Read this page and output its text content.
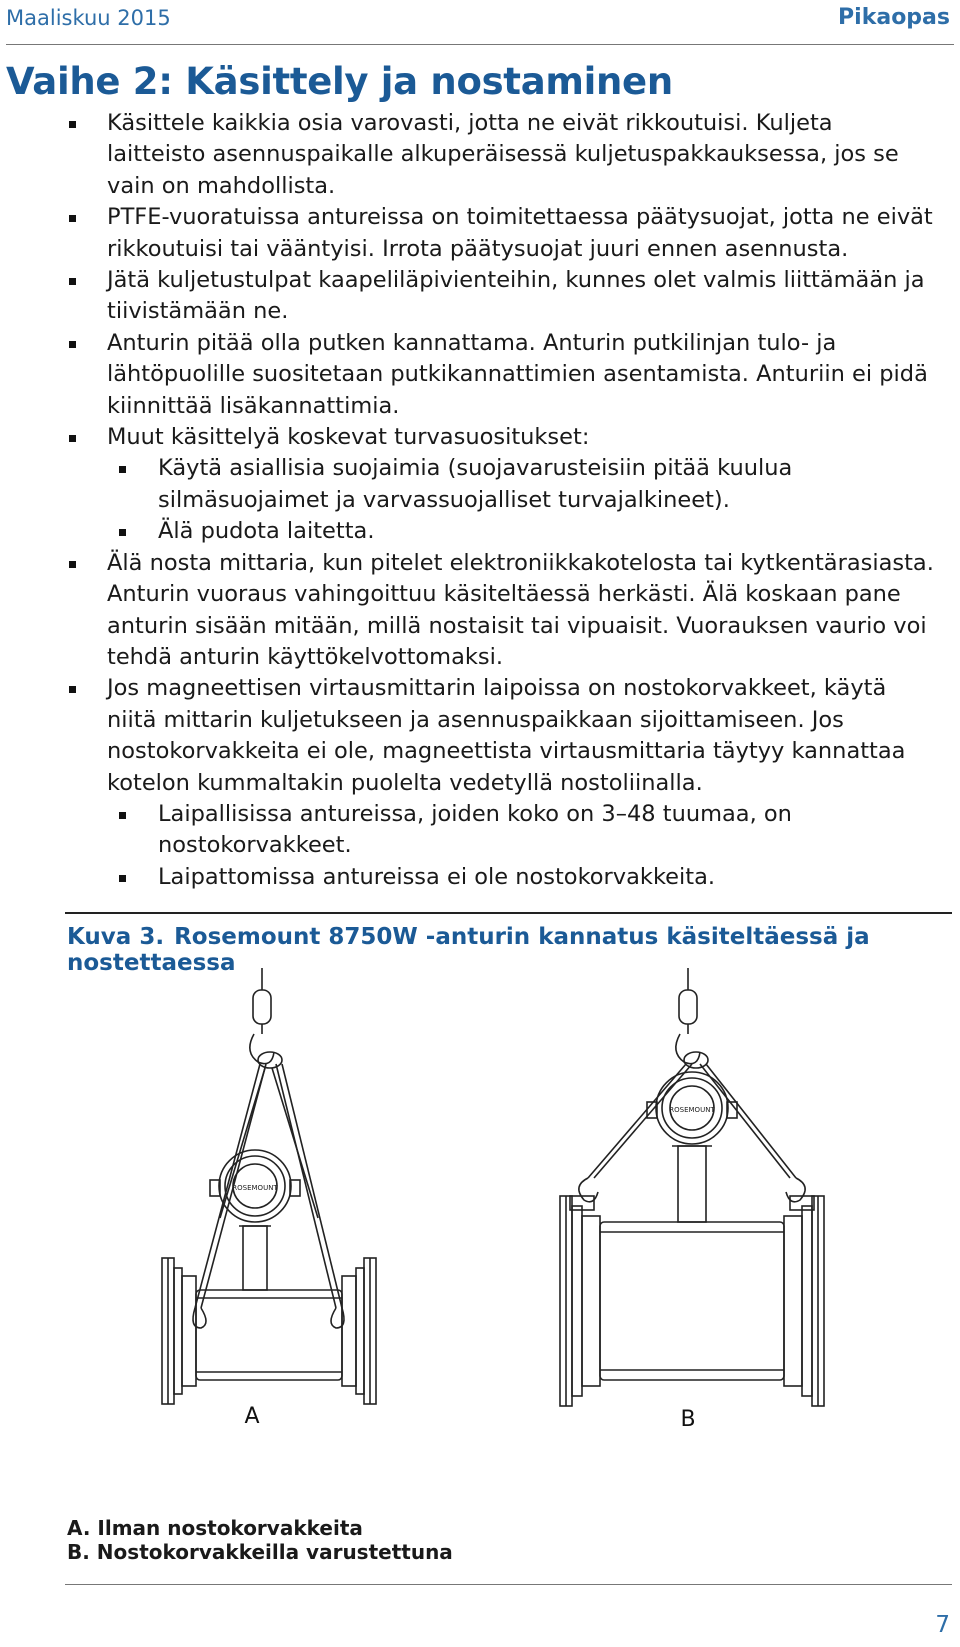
Maaliskuu 2015	Pikaopas
Vaihe 2: Käsittely ja nostaminen
Käsittele kaikkia osia varovasti, jotta ne eivät rikkoutuisi. Kuljeta laitteisto asennuspaikalle alkuperäisessä kuljetuspakkauksessa, jos se vain on mahdollista.
PTFE-vuoratuissa antureissa on toimitettaessa päätysuojat, jotta ne eivät rikkoutuisi tai vääntyisi. Irrota päätysuojat juuri ennen asennusta.
Jätä kuljetustulpat kaapeliläpivienteihin, kunnes olet valmis liittämään ja tiivistämään ne.
Anturin pitää olla putken kannattama. Anturin putkilinjan tulo- ja lähtöpuolille suositetaan putkikannattimien asentamista. Anturiin ei pidä kiinnittää lisäkannattimia.
Muut käsittelyä koskevat turvasuositukset:
Käytä asiallisia suojaimia (suojavarusteisiin pitää kuulua silmäsuojaimet ja varvassuojalliset turvajalkineet).
Älä pudota laitetta.
Älä nosta mittaria, kun pitelet elektroniikkakotelosta tai kytkentärasiasta. Anturin vuoraus vahingoittuu käsiteltäessä herkästi. Älä koskaan pane anturin sisään mitään, millä nostaisit tai vipuaisit. Vuorauksen vaurio voi tehdä anturin käyttökelvottomaksi.
Jos magneettisen virtausmittarin laipoissa on nostokorvakkeet, käytä niitä mittarin kuljetukseen ja asennuspaikkaan sijoittamiseen. Jos nostokorvakkeita ei ole, magneettista virtausmittaria täytyy kannattaa kotelon kummaltakin puolelta vedetyllä nostoliinalla.
Laipallisissa antureissa, joiden koko on 3–48 tuumaa, on nostokorvakkeet.
Laipattomissa antureissa ei ole nostokorvakkeita.
Kuva 3. Rosemount 8750W -anturin kannatus käsiteltäessä ja nostettaessa
ROSEMOUNT
ROSEMOUNT
A	B
A. Ilman nostokorvakkeita
B. Nostokorvakkeilla varustettuna
7
